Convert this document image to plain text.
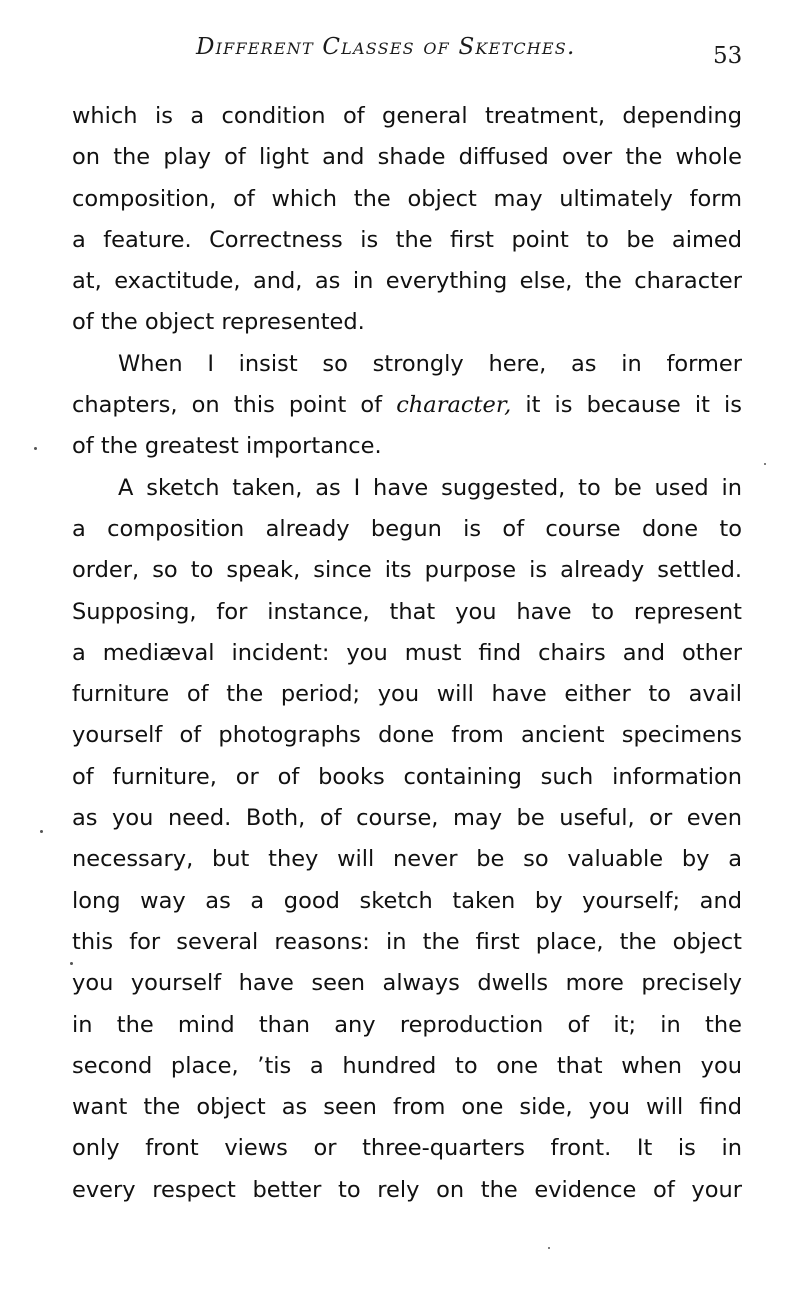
Different Classes of Sketches.	53
which is a condition of general treatment, depending
on the play of light and shade diffused over the whole
composition, of which the object may ultimately form
a feature. Correctness is the first point to be aimed
at, exactitude, and, as in everything else, the character
of the object represented.
When I insist so strongly here, as in former
chapters, on this point of character, it is because it is
of the greatest importance.
A sketch taken, as I have suggested, to be used in
a composition already begun is of course done to
order, so to speak, since its purpose is already settled.
Supposing, for instance, that you have to represent
a mediæval incident: you must find chairs and other
furniture of the period; you will have either to avail
yourself of photographs done from ancient specimens
of furniture, or of books containing such information
as you need. Both, of course, may be useful, or even
necessary, but they will never be so valuable by a
long way as a good sketch taken by yourself; and
this for several reasons: in the first place, the object
you yourself have seen always dwells more precisely
in the mind than any reproduction of it; in the
second place, ’tis a hundred to one that when you
want the object as seen from one side, you will find
only front views or three-quarters front. It is in
every respect better to rely on the evidence of your
